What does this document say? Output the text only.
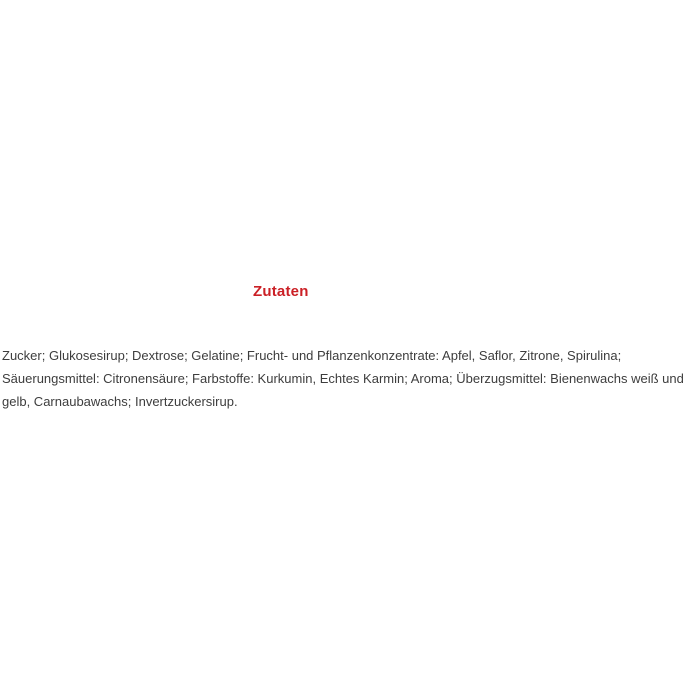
Zutaten

Zucker; Glukosesirup; Dextrose; Gelatine; Frucht- und Pflanzenkonzentrate: Apfel, Saflor, Zitrone, Spirulina; Säuerungsmittel: Citronensäure; Farbstoffe: Kurkumin, Echtes Karmin; Aroma; Überzugsmittel: Bienenwachs weiß und gelb, Carnaubawachs; Invertzuckersirup.
